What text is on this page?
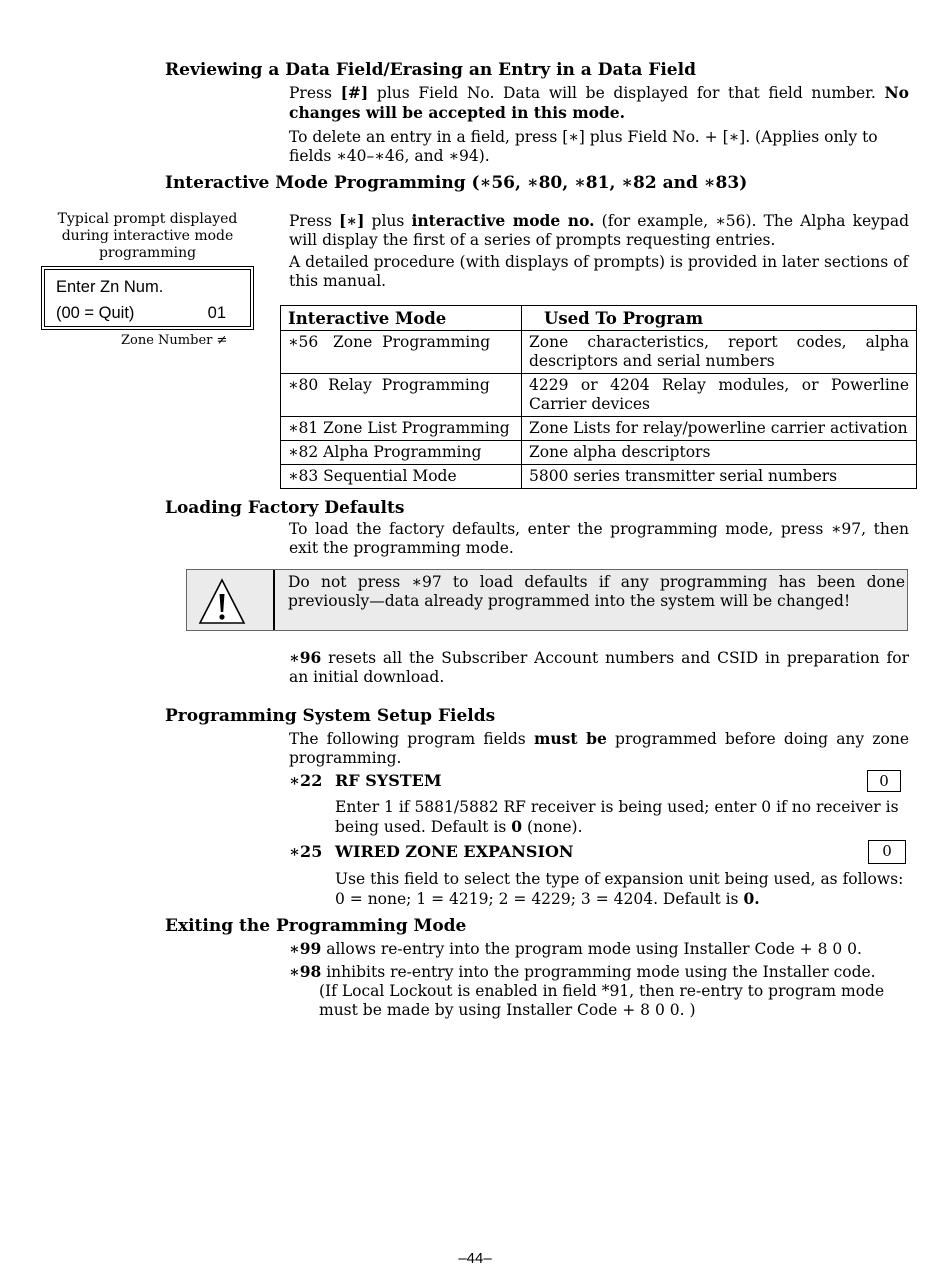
Reviewing a Data Field/Erasing an Entry in a Data Field
Press [#] plus Field No. Data will be displayed for that field number. No changes will be accepted in this mode.
To delete an entry in a field, press [∗] plus Field No. + [∗]. (Applies only to fields ∗40–∗46, and ∗94).
Interactive Mode Programming (∗56, ∗80, ∗81, ∗82 and ∗83)
Typical prompt displayed during interactive mode programming
Enter Zn Num.
(00 = Quit)	01
Zone Number ≠
Press [∗] plus interactive mode no. (for example, ∗56). The Alpha keypad will display the first of a series of prompts requesting entries.
A detailed procedure (with displays of prompts) is provided in later sections of this manual.
Interactive Mode	Used To Program
∗56   Zone  Programming	Zone characteristics, report codes, alpha descriptors and serial numbers
∗80  Relay  Programming	4229 or 4204 Relay modules, or Powerline Carrier devices
∗81 Zone List Programming	Zone Lists for relay/powerline carrier activation
∗82 Alpha Programming	Zone alpha descriptors
∗83 Sequential Mode	5800 series transmitter serial numbers
Loading Factory Defaults
To load the factory defaults, enter the programming mode, press ∗97, then exit the programming mode.
Do not press ∗97 to load defaults if any programming has been done previously—data already programmed into the system will be changed!
∗96 resets all the Subscriber Account numbers and CSID in preparation for an initial download.
Programming System Setup Fields
The following program fields must be programmed before doing any zone programming.
∗22 RF SYSTEM	0
Enter 1 if 5881/5882 RF receiver is being used; enter 0 if no receiver is being used. Default is 0 (none).
∗25 WIRED ZONE EXPANSION	0
Use this field to select the type of expansion unit being used, as follows: 0 = none; 1 = 4219; 2 = 4229; 3 = 4204. Default is 0.
Exiting the Programming Mode
∗99 allows re-entry into the program mode using Installer Code + 8 0 0.
∗98 inhibits re-entry into the programming mode using the Installer code.
(If Local Lockout is enabled in field *91, then re-entry to program mode must be made by using Installer Code + 8 0 0. )
–44–
